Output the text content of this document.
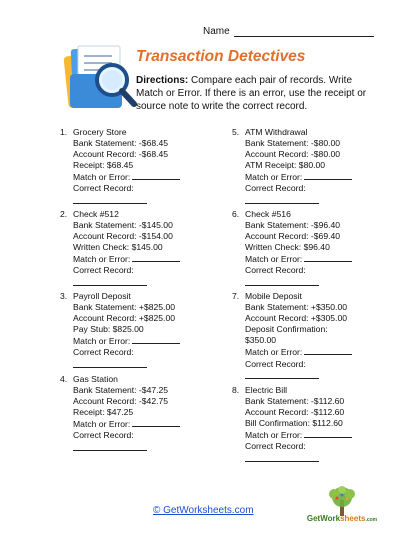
Name
Transaction Detectives
Directions: Compare each pair of records. Write Match or Error. If there is an error, use the receipt or source note to write the correct record.
1. Grocery Store
Bank Statement: -$68.45
Account Record: -$68.45
Receipt: $68.45
Match or Error:
Correct Record:
2. Check #512
Bank Statement: -$145.00
Account Record: -$154.00
Written Check: $145.00
Match or Error:
Correct Record:
3. Payroll Deposit
Bank Statement: +$825.00
Account Record: +$825.00
Pay Stub: $825.00
Match or Error:
Correct Record:
4. Gas Station
Bank Statement: -$47.25
Account Record: -$42.75
Receipt: $47.25
Match or Error:
Correct Record:
5. ATM Withdrawal
Bank Statement: -$80.00
Account Record: -$80.00
ATM Receipt: $80.00
Match or Error:
Correct Record:
6. Check #516
Bank Statement: -$96.40
Account Record: -$69.40
Written Check: $96.40
Match or Error:
Correct Record:
7. Mobile Deposit
Bank Statement: +$350.00
Account Record: +$305.00
Deposit Confirmation:
$350.00
Match or Error:
Correct Record:
8. Electric Bill
Bank Statement: -$112.60
Account Record: -$112.60
Bill Confirmation: $112.60
Match or Error:
Correct Record:
© GetWorksheets.com
GetWorksheets.com
